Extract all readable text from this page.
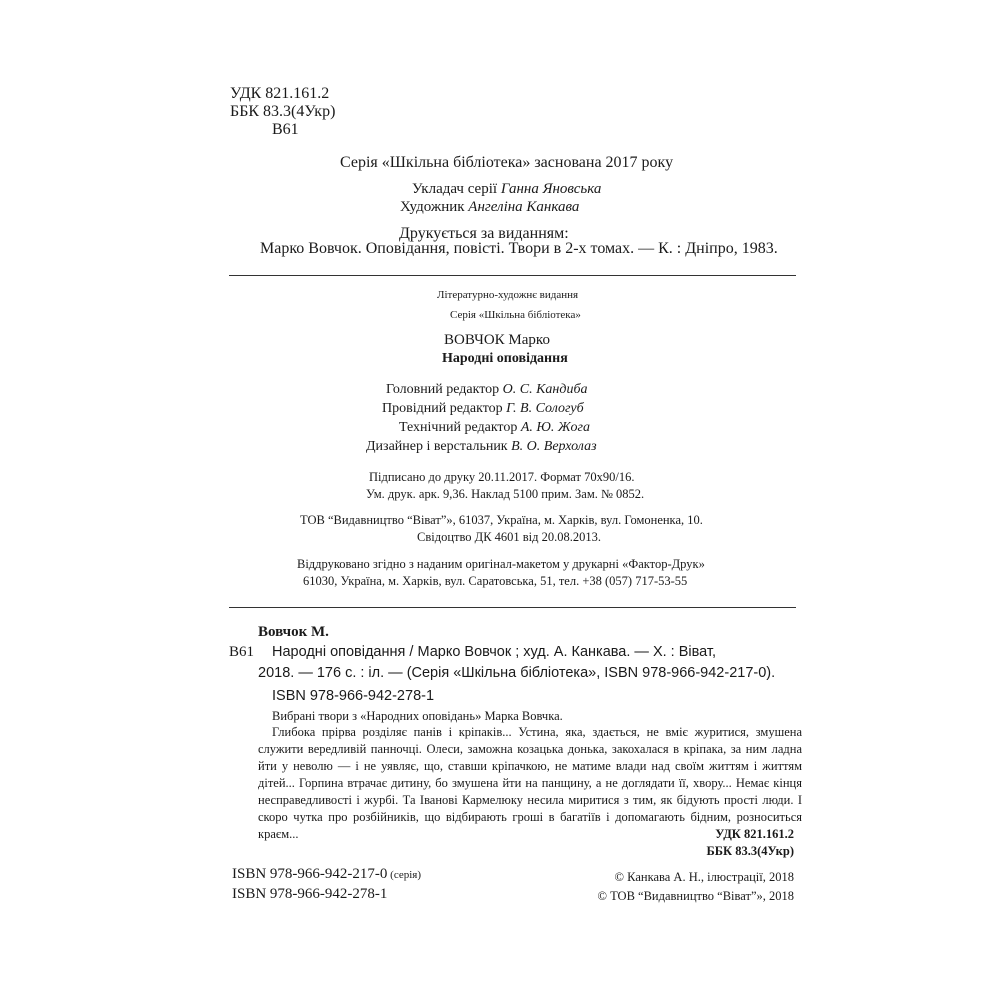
УДК 821.161.2
ББК 83.3(4Укр)
В61
Серія «Шкільна бібліотека» заснована 2017 року
Укладач серії Ганна Яновська
Художник Ангеліна Канкава
Друкується за виданням:
Марко Вовчок. Оповідання, повісті. Твори в 2-х томах. — К. : Дніпро, 1983.
Літературно-художнє видання
Серія «Шкільна бібліотека»
ВОВЧОК Марко
Народні оповідання
Головний редактор О. С. Кандиба
Провідний редактор Г. В. Сологуб
Технічний редактор А. Ю. Жога
Дизайнер і верстальник В. О. Верхолаз
Підписано до друку 20.11.2017. Формат 70х90/16.
Ум. друк. арк. 9,36. Наклад 5100 прим. Зам. № 0852.
ТОВ “Видавництво “Віват”», 61037, Україна, м. Харків, вул. Гомоненка, 10.
Свідоцтво ДК 4601 від 20.08.2013.
Віддруковано згідно з наданим оригінал-макетом у друкарні «Фактор-Друк»
61030, Україна, м. Харків, вул. Саратовська, 51, тел. +38 (057) 717-53-55
Вовчок М.
В61 Народні оповідання / Марко Вовчок ; худ. А. Канкава. — Х. : Віват,
2018. — 176 с. : іл. — (Серія «Шкільна бібліотека», ISBN 978-966-942-217-0).
ISBN 978-966-942-278-1
Вибрані твори з «Народних оповідань» Марка Вовчка.
Глибока прірва розділяє панів і кріпаків... Устина, яка, здається, не вміє журитися, змушена служити вередливій панночці. Олеси, заможна козацька донька, закохалася в кріпака, за ним ладна йти у неволю — і не уявляє, що, ставши кріпачкою, не матиме влади над своїм життям і життям дітей... Горпина втрачає дитину, бо змушена йти на панщину, а не доглядати її, хвору... Немає кінця несправедливості і журбі. Та Івановi Кармелюку несила миритися з тим, як бідують прості люди. І скоро чутка про розбійників, що відбирають гроші в багатіїв і допомагають бідним, розноситься краєм...	УДК 821.161.2
ББК 83.3(4Укр)
ISBN 978-966-942-217-0 (серія)
ISBN 978-966-942-278-1
© Канкава А. Н., ілюстрації, 2018
© ТОВ “Видавництво “Віват”», 2018
